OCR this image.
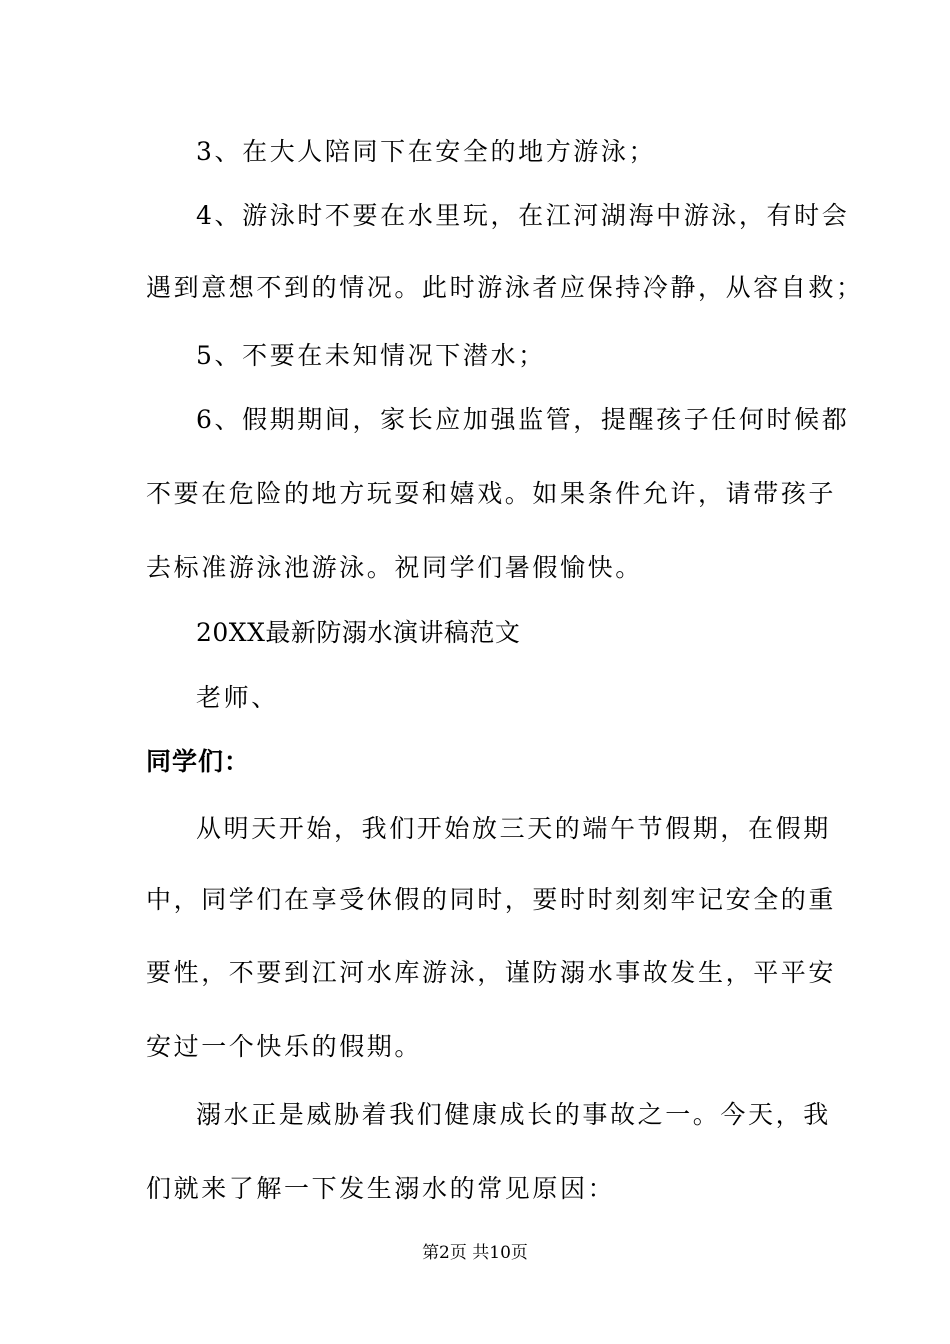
3、在大人陪同下在安全的地方游泳；
4、游泳时不要在水里玩，在江河湖海中游泳，有时会
遇到意想不到的情况。此时游泳者应保持冷静，从容自救；
5、不要在未知情况下潜水；
6、假期期间，家长应加强监管，提醒孩子任何时候都
不要在危险的地方玩耍和嬉戏。如果条件允许，请带孩子
去标准游泳池游泳。祝同学们暑假愉快。
20XX最新防溺水演讲稿范文
老师、
同学们：
从明天开始，我们开始放三天的端午节假期，在假期
中，同学们在享受休假的同时，要时时刻刻牢记安全的重
要性，不要到江河水库游泳，谨防溺水事故发生，平平安
安过一个快乐的假期。
溺水正是威胁着我们健康成长的事故之一。今天，我
们就来了解一下发生溺水的常见原因：
第2页 共10页
